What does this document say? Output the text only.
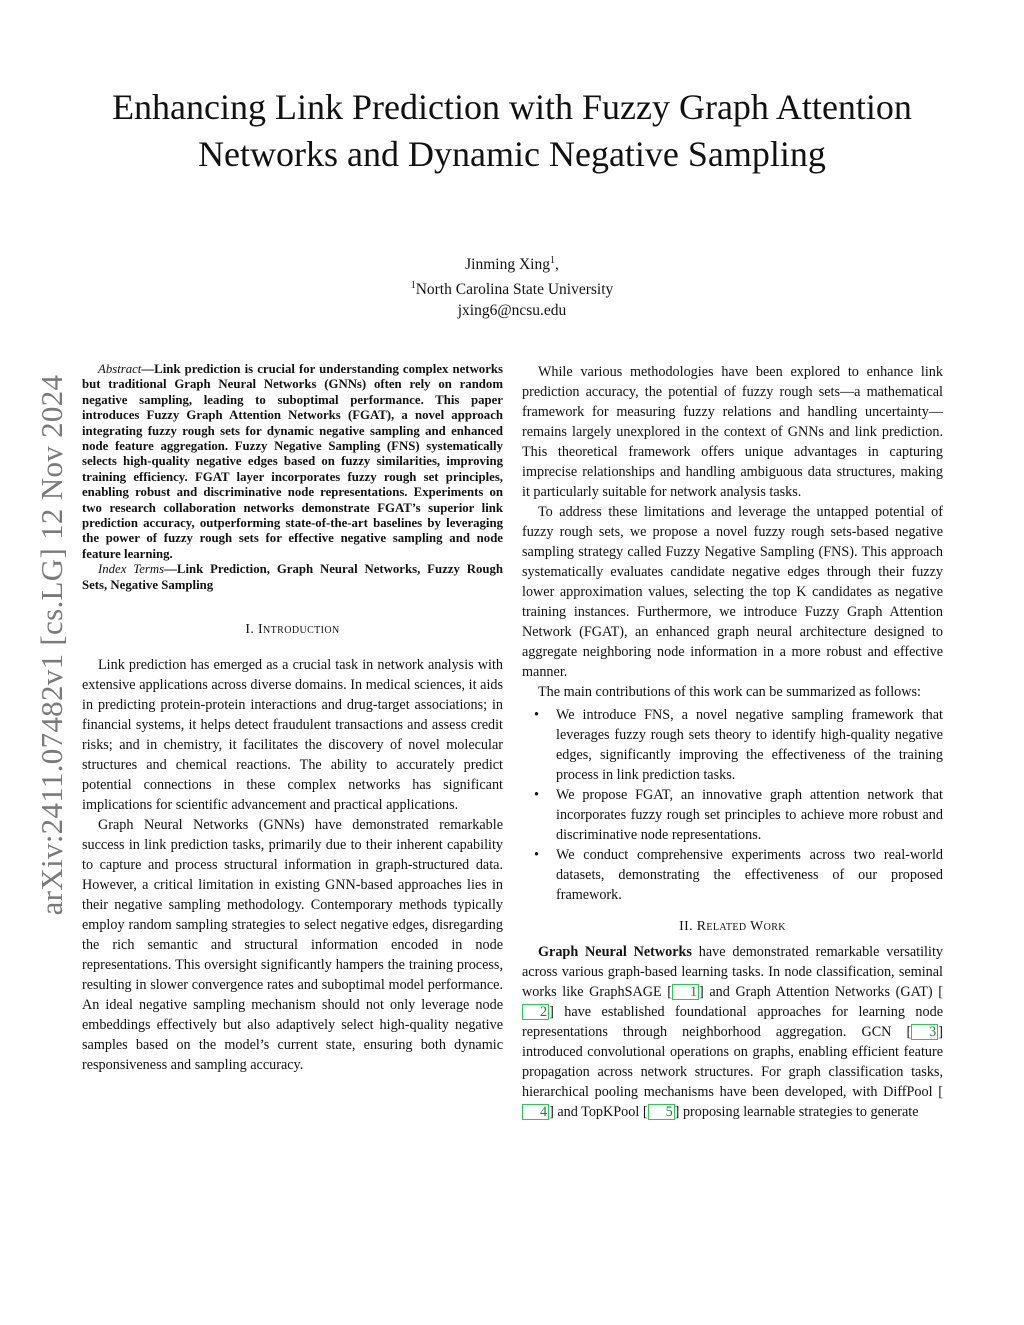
arXiv:2411.07482v1 [cs.LG] 12 Nov 2024
Enhancing Link Prediction with Fuzzy Graph Attention Networks and Dynamic Negative Sampling
Jinming Xing$^1$,
$^1$North Carolina State University
jxing6@ncsu.edu

Abstract—Link prediction is crucial for understanding complex networks but traditional Graph Neural Networks (GNNs) often rely on random negative sampling, leading to suboptimal performance. This paper introduces Fuzzy Graph Attention Networks (FGAT), a novel approach integrating fuzzy rough sets for dynamic negative sampling and enhanced node feature aggregation. Fuzzy Negative Sampling (FNS) systematically selects high-quality negative edges based on fuzzy similarities, improving training efficiency. FGAT layer incorporates fuzzy rough set principles, enabling robust and discriminative node representations. Experiments on two research collaboration networks demonstrate FGAT’s superior link prediction accuracy, outperforming state-of-the-art baselines by leveraging the power of fuzzy rough sets for effective negative sampling and node feature learning.

Index Terms—Link Prediction, Graph Neural Networks, Fuzzy Rough Sets, Negative Sampling

I. Introduction

Link prediction has emerged as a crucial task in network analysis with extensive applications across diverse domains. In medical sciences, it aids in predicting protein-protein interactions and drug-target associations; in financial systems, it helps detect fraudulent transactions and assess credit risks; and in chemistry, it facilitates the discovery of novel molecular structures and chemical reactions. The ability to accurately predict potential connections in these complex networks has significant implications for scientific advancement and practical applications.

Graph Neural Networks (GNNs) have demonstrated remarkable success in link prediction tasks, primarily due to their inherent capability to capture and process structural information in graph-structured data. However, a critical limitation in existing GNN-based approaches lies in their negative sampling methodology. Contemporary methods typically employ random sampling strategies to select negative edges, disregarding the rich semantic and structural information encoded in node representations. This oversight significantly hampers the training process, resulting in slower convergence rates and suboptimal model performance. An ideal negative sampling mechanism should not only leverage node embeddings effectively but also adaptively select high-quality negative samples based on the model’s current state, ensuring both dynamic responsiveness and sampling accuracy.

While various methodologies have been explored to enhance link prediction accuracy, the potential of fuzzy rough sets—a mathematical framework for measuring fuzzy relations and handling uncertainty—remains largely unexplored in the context of GNNs and link prediction. This theoretical framework offers unique advantages in capturing imprecise relationships and handling ambiguous data structures, making it particularly suitable for network analysis tasks.

To address these limitations and leverage the untapped potential of fuzzy rough sets, we propose a novel fuzzy rough sets-based negative sampling strategy called Fuzzy Negative Sampling (FNS). This approach systematically evaluates candidate negative edges through their fuzzy lower approximation values, selecting the top K candidates as negative training instances. Furthermore, we introduce Fuzzy Graph Attention Network (FGAT), an enhanced graph neural architecture designed to aggregate neighboring node information in a more robust and effective manner.

The main contributions of this work can be summarized as follows:

• We introduce FNS, a novel negative sampling framework that leverages fuzzy rough sets theory to identify high-quality negative edges, significantly improving the effectiveness of the training process in link prediction tasks.
• We propose FGAT, an innovative graph attention network that incorporates fuzzy rough set principles to achieve more robust and discriminative node representations.
• We conduct comprehensive experiments across two real-world datasets, demonstrating the effectiveness of our proposed framework.
II. Related Work

Graph Neural Networks have demonstrated remarkable versatility across various graph-based learning tasks. In node classification, seminal works like GraphSAGE [ 1 ] and Graph Attention Networks (GAT) [2 ] have established foundational approaches for learning node representations through neighborhood aggregation. GCN [ 3 ] introduced convolutional operations on graphs, enabling efficient feature propagation across network structures. For graph classification tasks, hierarchical pooling mechanisms have been developed, with DiffPool [4 ] and TopKPool [ 5 ] proposing learnable strategies to generate
